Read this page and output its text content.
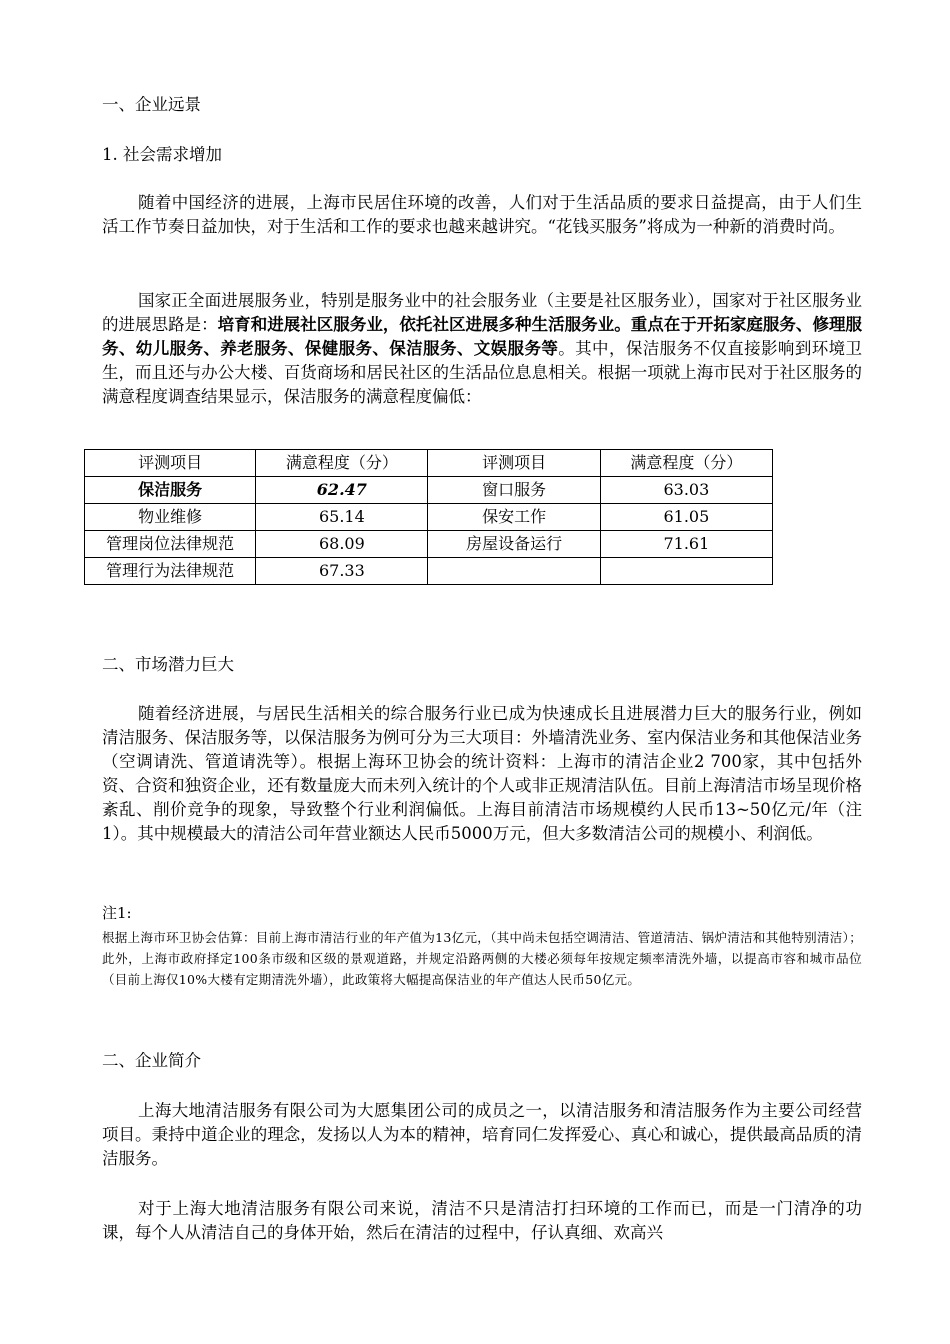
一、企业远景
1. 社会需求增加
随着中国经济的进展，上海市民居住环境的改善，人们对于生活品质的要求日益提高，由于人们生活工作节奏日益加快，对于生活和工作的要求也越来越讲究。“花钱买服务”将成为一种新的消费时尚。
国家正全面进展服务业，特别是服务业中的社会服务业（主要是社区服务业），国家对于社区服务业的进展思路是：培育和进展社区服务业，依托社区进展多种生活服务业。重点在于开拓家庭服务、修理服务、幼儿服务、养老服务、保健服务、保洁服务、文娱服务等。其中，保洁服务不仅直接影响到环境卫生，而且还与办公大楼、百货商场和居民社区的生活品位息息相关。根据一项就上海市民对于社区服务的满意程度调查结果显示，保洁服务的满意程度偏低：
评测项目	满意程度（分）	评测项目	满意程度（分）
保洁服务	62.47	窗口服务	63.03
物业维修	65.14	保安工作	61.05
管理岗位法律规范	68.09	房屋设备运行	71.61
管理行为法律规范	67.33		
二、市场潜力巨大
随着经济进展，与居民生活相关的综合服务行业已成为快速成长且进展潜力巨大的服务行业，例如清洁服务、保洁服务等，以保洁服务为例可分为三大项目：外墙清洗业务、室内保洁业务和其他保洁业务（空调请洗、管道请洗等）。根据上海环卫协会的统计资料：上海市的清洁企业2 700家，其中包括外资、合资和独资企业，还有数量庞大而未列入统计的个人或非正规清洁队伍。目前上海清洁市场呈现价格紊乱、削价竞争的现象，导致整个行业利润偏低。上海目前清洁市场规模约人民币13~50亿元/年（注1）。其中规模最大的清洁公司年营业额达人民币5000万元，但大多数清洁公司的规模小、利润低。
注1:
根据上海市环卫协会估算：目前上海市清洁行业的年产值为13亿元，（其中尚未包括空调清洁、管道清洁、锅炉清洁和其他特别清洁）；此外，上海市政府择定100条市级和区级的景观道路，并规定沿路两侧的大楼必须每年按规定频率清洗外墙，以提高市容和城市品位（目前上海仅10%大楼有定期清洗外墙），此政策将大幅提高保洁业的年产值达人民币50亿元。
二、企业简介
上海大地清洁服务有限公司为大愿集团公司的成员之一，以清洁服务和清洁服务作为主要公司经营项目。秉持中道企业的理念，发扬以人为本的精神，培育同仁发挥爱心、真心和诚心，提供最高品质的清洁服务。
对于上海大地清洁服务有限公司来说，清洁不只是清洁打扫环境的工作而已，而是一门清净的功课，每个人从清洁自己的身体开始，然后在清洁的过程中，仔认真细、欢高兴
